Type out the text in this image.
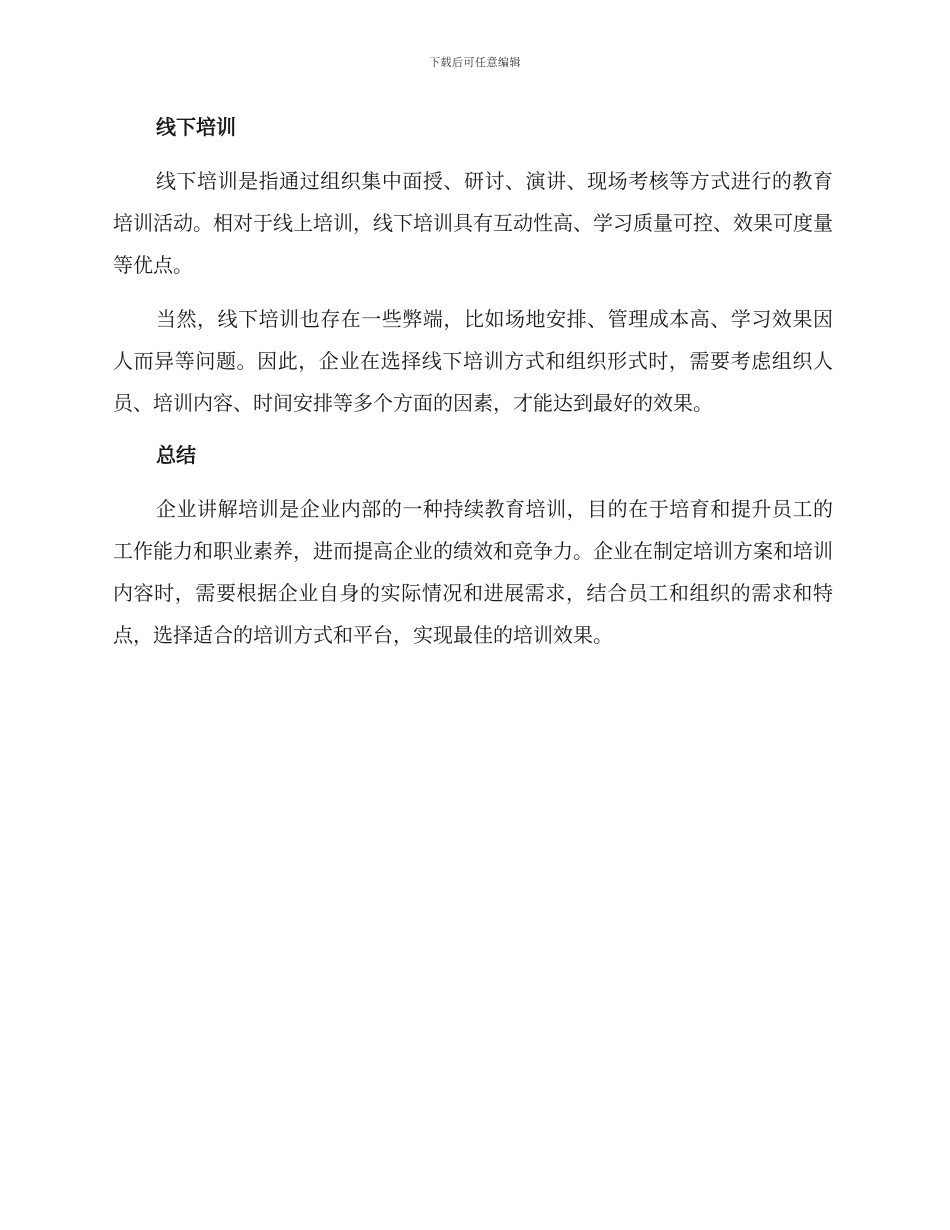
下载后可任意编辑
线下培训

线下培训是指通过组织集中面授、研讨、演讲、现场考核等方式进行的教育培训活动。相对于线上培训，线下培训具有互动性高、学习质量可控、效果可度量等优点。

当然，线下培训也存在一些弊端，比如场地安排、管理成本高、学习效果因人而异等问题。因此，企业在选择线下培训方式和组织形式时，需要考虑组织人员、培训内容、时间安排等多个方面的因素，才能达到最好的效果。

总结

企业讲解培训是企业内部的一种持续教育培训，目的在于培育和提升员工的工作能力和职业素养，进而提高企业的绩效和竞争力。企业在制定培训方案和培训内容时，需要根据企业自身的实际情况和进展需求，结合员工和组织的需求和特点，选择适合的培训方式和平台，实现最佳的培训效果。
